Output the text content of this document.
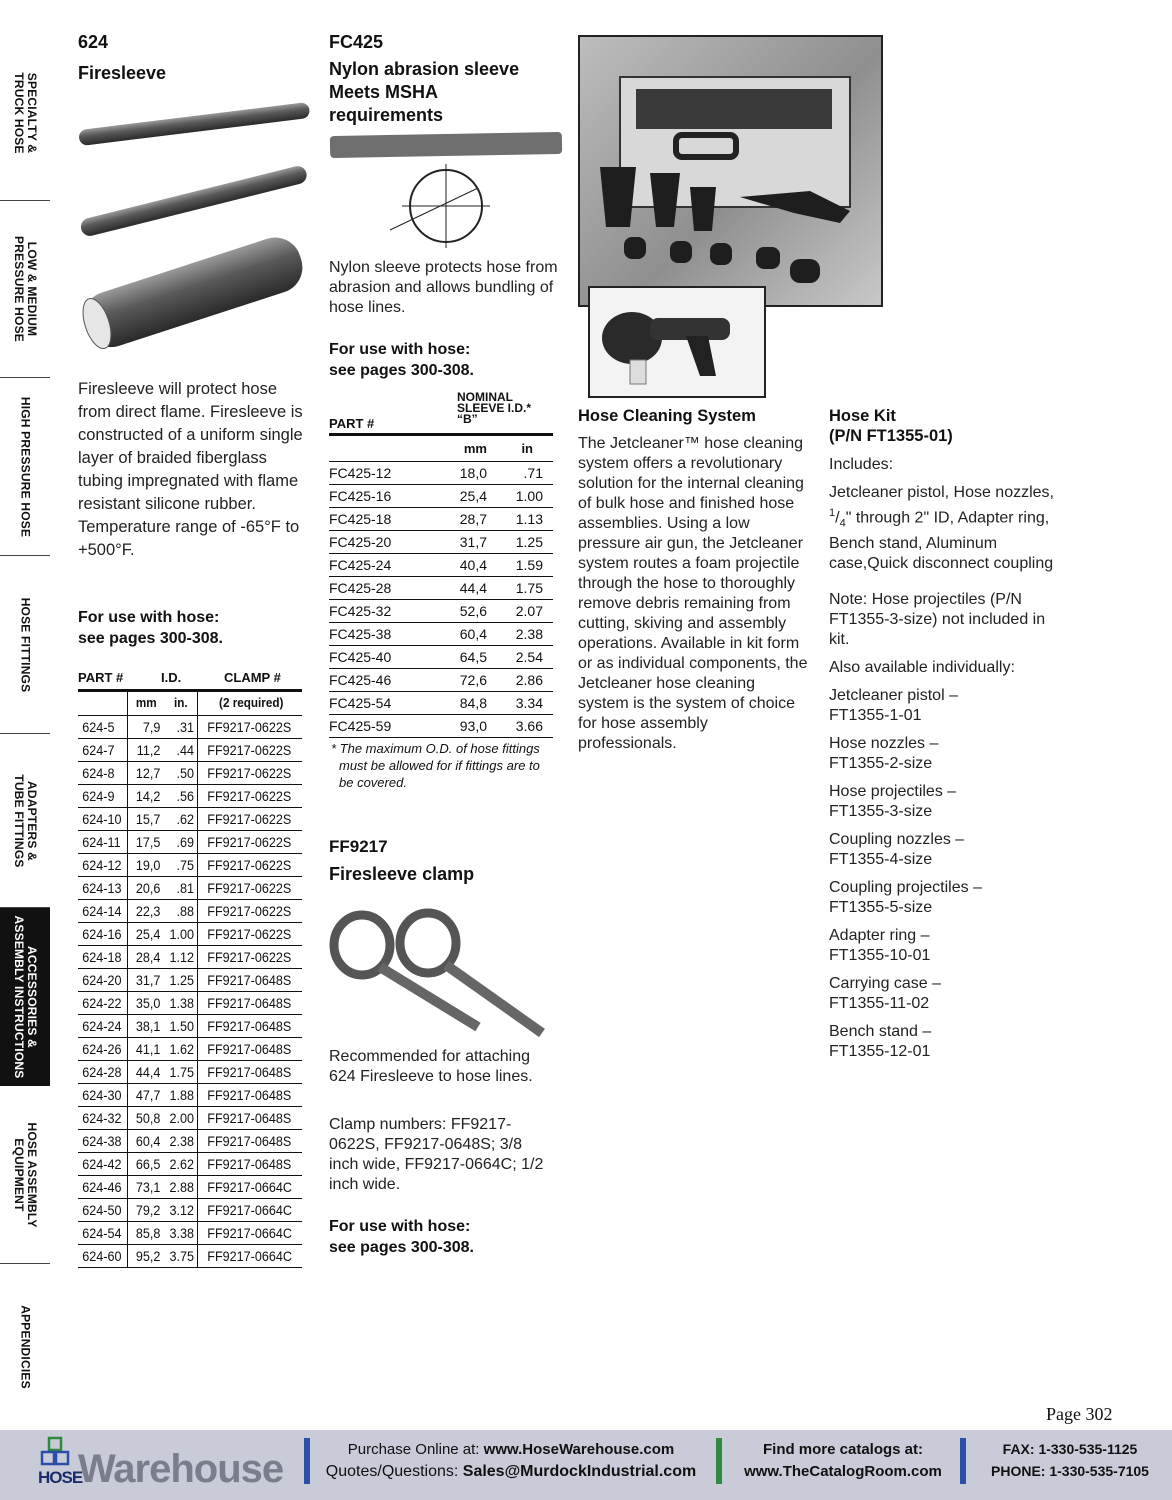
SPECIALTY &
TRUCK HOSE
LOW & MEDIUM
PRESSURE HOSE
HIGH PRESSURE HOSE
HOSE FITTINGS
ADAPTERS &
TUBE FITTINGS
ACCESSORIES &
ASSEMBLY INSTRUCTIONS
HOSE ASSEMBLY
EQUIPMENT
APPENDICIES
624
Firesleeve
Firesleeve will protect hose from direct flame. Firesleeve is constructed of a uniform single layer of braided fiberglass tubing impregnated with flame resistant silicone rubber. Temperature range of -65°F to +500°F.
For use with hose:
see pages 300-308.
PART #	I.D.	CLAMP #
	mm	in.	(2 required)
624-5	7,9	.31	FF9217-0622S
624-7	11,2	.44	FF9217-0622S
624-8	12,7	.50	FF9217-0622S
624-9	14,2	.56	FF9217-0622S
624-10	15,7	.62	FF9217-0622S
624-11	17,5	.69	FF9217-0622S
624-12	19,0	.75	FF9217-0622S
624-13	20,6	.81	FF9217-0622S
624-14	22,3	.88	FF9217-0622S
624-16	25,4	1.00	FF9217-0622S
624-18	28,4	1.12	FF9217-0622S
624-20	31,7	1.25	FF9217-0648S
624-22	35,0	1.38	FF9217-0648S
624-24	38,1	1.50	FF9217-0648S
624-26	41,1	1.62	FF9217-0648S
624-28	44,4	1.75	FF9217-0648S
624-30	47,7	1.88	FF9217-0648S
624-32	50,8	2.00	FF9217-0648S
624-38	60,4	2.38	FF9217-0648S
624-42	66,5	2.62	FF9217-0648S
624-46	73,1	2.88	FF9217-0664C
624-50	79,2	3.12	FF9217-0664C
624-54	85,8	3.38	FF9217-0664C
624-60	95,2	3.75	FF9217-0664C
FC425
Nylon abrasion sleeve
Meets MSHA
requirements
Nylon sleeve protects hose from abrasion and allows bundling of hose lines.
For use with hose:
see pages 300-308.
PART #
NOMINAL
SLEEVE I.D.*
“B”
	mm	in
FC425-12	18,0	.71
FC425-16	25,4	1.00
FC425-18	28,7	1.13
FC425-20	31,7	1.25
FC425-24	40,4	1.59
FC425-28	44,4	1.75
FC425-32	52,6	2.07
FC425-38	60,4	2.38
FC425-40	64,5	2.54
FC425-46	72,6	2.86
FC425-54	84,8	3.34
FC425-59	93,0	3.66
* The maximum O.D. of hose fittings must be allowed for if fittings are to be covered.
FF9217
Firesleeve clamp
Recommended for attaching 624 Firesleeve to hose lines.
Clamp numbers: FF9217-0622S, FF9217-0648S; 3/8 inch wide, FF9217-0664C; 1/2 inch wide.
For use with hose:
see pages 300-308.
Hose Cleaning System
The Jetcleaner™ hose cleaning system offers a revolutionary solution for the internal cleaning of bulk hose and finished hose assemblies. Using a low pressure air gun, the Jetcleaner system routes a foam projectile through the hose to thoroughly remove debris remaining from cutting, skiving and assembly operations. Available in kit form or as individual components, the Jetcleaner hose cleaning system is the system of choice for hose assembly professionals.
Hose Kit
(P/N FT1355-01)
Includes:
Jetcleaner pistol, Hose nozzles, $^1/_4$" through 2" ID, Adapter ring, Bench stand, Aluminum case,Quick disconnect coupling
Note: Hose projectiles (P/N FT1355-3-size) not included in kit.
Also available individually:
Jetcleaner pistol –
FT1355-1-01
Hose nozzles –
FT1355-2-size
Hose projectiles –
FT1355-3-size
Coupling nozzles –
FT1355-4-size
Coupling projectiles –
FT1355-5-size
Adapter ring –
FT1355-10-01
Carrying case –
FT1355-11-02
Bench stand –
FT1355-12-01
Page 302
HOSE
Warehouse	Purchase Online at: www.HoseWarehouse.com
Quotes/Questions: Sales@MurdockIndustrial.com
Find more catalogs at:
www.TheCatalogRoom.com
FAX: 1-330-535-1125
PHONE: 1-330-535-7105
